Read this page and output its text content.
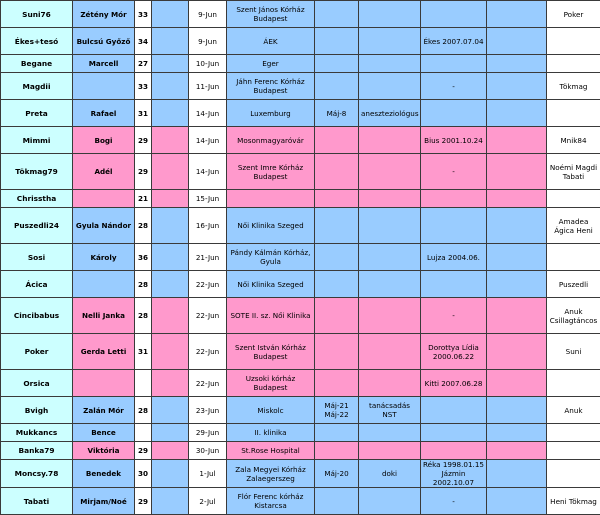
Suni76	Zétény Mór	33		9-Jun	Szent János Kórház Budapest					Poker
Ékes+tesó	Bulcsú Győző	34		9-Jun	ÁEK			Ékes 2007.07.04		
Begane	Marcell	27		10-Jun	Eger					
Magdii		33		11-Jun	Jáhn Ferenc Kórház Budapest			-		Tökmag
Preta	Rafael	31		14-Jun	Luxemburg	Máj-8	aneszteziológus			
Mimmi	Bogi	29		14-Jun	Mosonmagyaróvár			Bius 2001.10.24		Mnik84
Tökmag79	Adél	29		14-Jun	Szent Imre Kórház Budapest			-		Noémi Magdi Tabati
Chrisstha		21		15-Jun						
Puszedli24	Gyula Nándor	28		16-Jun	Női Klinika Szeged					Amadea Ágica Heni
Sosi	Károly	36		21-Jun	Pándy Kálmán Kórház, Gyula			Lujza 2004.06.		
Ácica		28		22-Jun	Női Klinika Szeged					Puszedli
Cincibabus	Nelli Janka	28		22-Jun	SOTE II. sz. Női Klinika			-		Anuk Csillagtáncos
Poker	Gerda Letti	31		22-Jun	Szent István Kórház Budapest			Dorottya Lídia 2000.06.22		Suni
Orsica				22-Jun	Uzsoki kórház Budapest			Kitti 2007.06.28		
Bvigh	Zalán Mór	28		23-Jun	Miskolc	Máj-21 Máj-22	tanácsadás NST			Anuk
Mukkancs	Bence			29-Jun	II. klinika					
Banka79	Viktória	29		30-Jun	St.Rose Hospital					
Moncsy.78	Benedek	30		1-Jul	Zala Megyei Kórház Zalaegerszeg	Máj-20	doki	Réka 1998.01.15 Jázmin 2002.10.07		
Tabati	Mirjam/Noé	29		2-Jul	Flór Ferenc kórház Kistarcsa			-		Heni Tökmag
